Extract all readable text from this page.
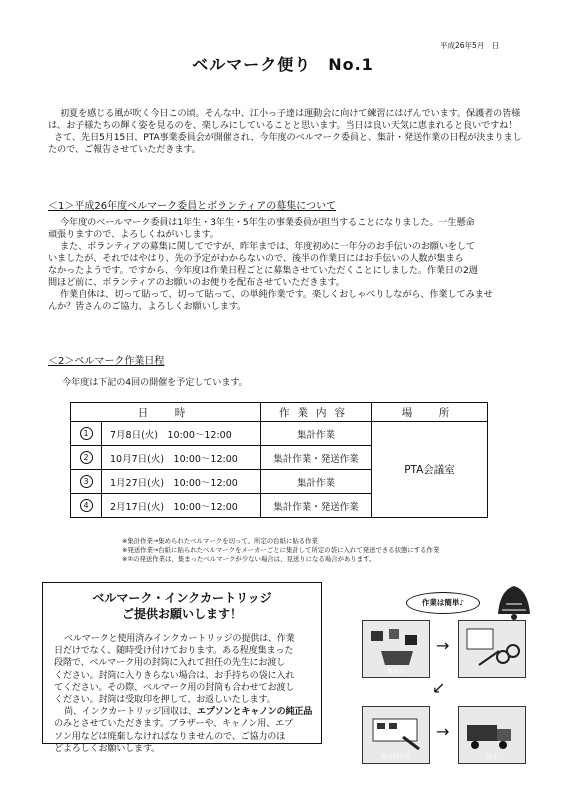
平成26年5月　日
ベルマーク便り　No.1
初夏を感じる風が吹く今日この頃。そんな中、江小っ子達は運動会に向けて練習にはげんでいます。保護者の皆様
は、お子様たちの輝く姿を見るのを、楽しみにしていることと思います。当日は良い天気に恵まれると良いですね！
さて、先日5月15日、PTA事業委員会が開催され、今年度のベルマーク委員と、集計・発送作業の日程が決まりまし
たので、ご報告させていただきます。
＜1＞平成26年度ベルマーク委員とボランティアの募集について
今年度のベールマーク委員は1年生・3年生・5年生の事業委員が担当することになりました。一生懸命
頑張りますので、よろしくねがいします。
また、ボランティアの募集に関してですが、昨年までは、年度初めに一年分のお手伝いのお願いをして
いましたが、それではやはり、先の予定がわからないので、後半の作業日にはお手伝いの人数が集まら
なかったようです。ですから、今年度は作業日程ごとに募集させていただくことにしました。作業日の2週
間ほど前に、ボランティアのお願いのお便りを配布させていただきます。
作業自体は、切って貼って、切って貼って、の単純作業です。楽しくおしゃべりしながら、作業してみませ
んか？皆さんのご協力、よろしくお願いします。
＜2＞ベルマーク作業日程
今年度は下記の4回の開催を予定しています。
日　時		作業内容	場　所
1	7月8日(火)　10:00～12:00	集計作業	PTA会議室
2	10月7日(火)　10:00～12:00	集計作業・発送作業	
3	1月27日(火)　10:00～12:00	集計作業	
4	2月17日(火)　10:00～12:00	集計作業・発送作業	
※集計作業→集められたベルマークを切って、所定の台紙に貼る作業
※発送作業→台紙に貼られたベルマークをメーカーごとに集計して所定の袋に入れて発送できる状態にする作業
※②の発送作業は、集まったベルマークが少ない場合は、見送りになる場合があります。
ベルマーク・インクカートリッジ
ご提供お願いします！
ベルマークと使用済みインクカートリッジの提供は、作業
日だけでなく、随時受け付けております。ある程度集まった
段階で、ベルマーク用の封筒に入れて担任の先生にお渡し
ください。封筒に入りきらない場合は、お手持ちの袋に入れ
てください。その際、ベルマーク用の封筒も合わせてお渡し
ください。封筒は受取印を押して、お返しいたします。
尚、インクカートリッジ回収は、エプソンとキャノンの純正品
のみとさせていただきます。ブラザーや、キャノン用、エプ
ソン用などは廃棄しなければなりませんので、ご協力のほ
どよろしくお願いします。
作業は簡単♪
集める
→
↙
貼り付ける
→
送る
